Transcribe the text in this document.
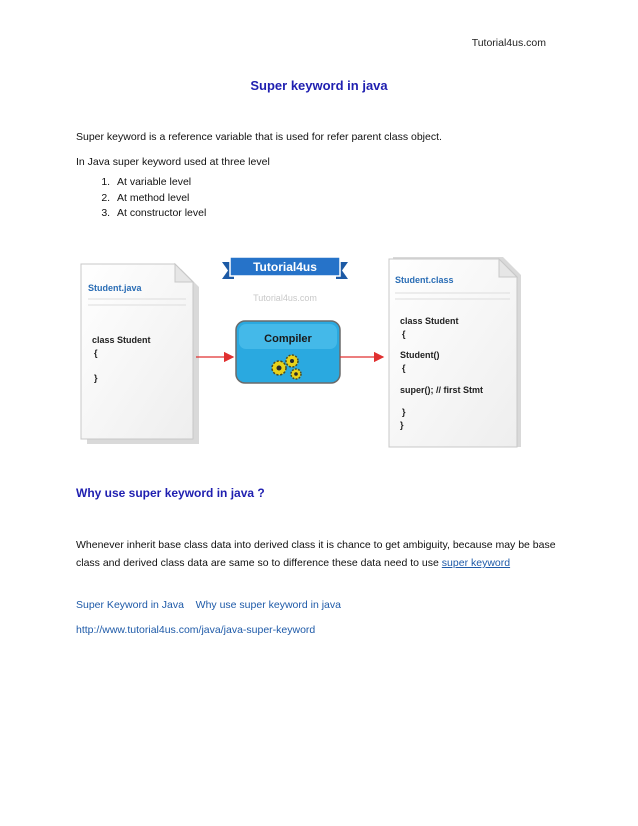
Tutorial4us.com
Super keyword in java
Super keyword is a reference variable that is used for refer parent class object.
In Java super keyword used at three level
1. At variable level
2. At method level
3. At constructor level
Student.java
class Student
{
}
Tutorial4us
Tutorial4us.com
Compiler
Student.class
class Student
{
Student()
{
super(); // first Stmt
}
}
Why use super keyword in java ?
Whenever inherit base class data into derived class it is chance to get ambiguity, because may be base class and derived class data are same so to difference these data need to use super keyword
Super Keyword in Java Why use super keyword in java
http://www.tutorial4us.com/java/java-super-keyword
